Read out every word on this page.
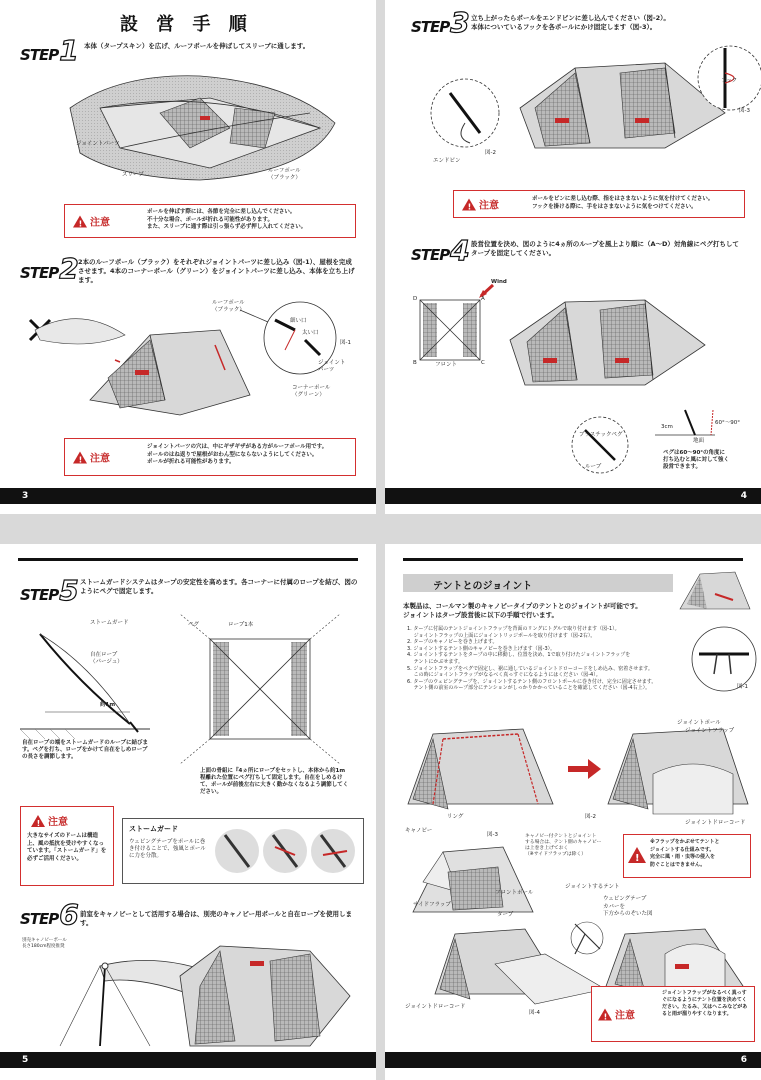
設 営 手 順
STEP1 本体（タープスキン）を広げ、ルーフポールを伸ばしてスリーブに通します。
ジョイントパーツ
スリーブ
ルーフポール
（ブラック）
! 注意
ポールを伸ばす際には、各節を完全に差し込んでください。
不十分な場合、ポールが折れる可能性があります。
また、スリーブに通す際は引っ張らず必ず押し入れてください。
STEP2 2本のルーフポール（ブラック）をそれぞれジョイントパーツに差し込み（図-1）、屋根を完成させます。4本のコーナーポール（グリーン）をジョイントパーツに差し込み、本体を立ち上げます。
ルーフポール
（ブラック）
細い口
太い口
図-1
ジョイント
パーツ
コーナーポール
（グリーン）
! 注意
ジョイントパーツの穴は、中にギザギザがある方がルーフポール用です。
ポールのはね返りで屋根がおわん型にならないようにしてください。
ポールが折れる可能性があります。
3
STEP3 立ち上がったらポールをエンドピンに差し込んでください（図-2）。
本体についているフックを各ポールにかけ固定します（図-3）。
フック
図-3
図-2
エンドピン
! 注意
ポールをピンに差し込む際、指をはさまないように気を付けてください。
フックを掛ける際に、手をはさまないように気をつけてください。
STEP4 設営位置を決め、図のように4ヵ所のループを風上より順に（A〜D）対角線にペグ打ちしてタープを固定してください。
Wind
D	A
B	C
フロント
プラスチックペグ
ループ
60°〜90°
3cm
地面
ペグは60〜90°の角度に
打ち込むと風に対して強く
設営できます。
4
STEP5 ストームガードシステムはタープの安定性を高めます。各コーナーに付属のロープを結び、図のようにペグで固定します。
ストームガード
自在ロープ
（パージュ）
約1m
ペグ	ロープ1本
自在ロープの端をストームガードのループに結びます。ペグを打ち、ロープをかけて自在をしめロープの長さを調節します。
上面の骨組に『4ヵ所にロープをセットし、本体から約1m程離れた位置にペグ打ちして固定します。自在をしめるけて、ポールが前後左右に大きく動かなくなるよう調節してください。
! 注意
大きなサイズのドームは構造上、風の抵抗を受けやすくなっています。「ストームガード」を必ずご活用ください。
ストームガード
ウェビングテープをポールに巻き付けることで、強風とポールに力を分散。
STEP6 前室をキャノピーとして活用する場合は、別売のキャノピー用ポールと自在ロープを使用します。
別売キャノピーポール
長さ180cm程度推奨
5
テントとのジョイント
本製品は、コールマン製のキャノピータイプのテントとのジョイントが可能です。
ジョイントはタープ設営後に以下の手順で行います。
1. タープに付属のテントジョイントフラップを背面のリングにトグルで取り付けます（図-1）。
　 ジョイントフラップの上面にジョイントリッジポールを取り付けます（図-2右）。
2. タープのキャノピーを巻き上げます。
3. ジョイントするテント側のキャノピーを巻き上げます（図-3）。
4. ジョイントするテントをタープの中に移動し、位置を決め、1で取り付けたジョイントフラップを
　 テントにかぶせます。
5. ジョイントフラップをペグで固定し、裾に通しているジョイントドローコードをしめ込み、密着させます。
　 この時にジョイントフラップがなるべく真っすぐになるようにはください（図-4）。
6. タープのウェビングテープを、ジョイントするテント側のフロントポールに巻き付け、完全に固定させます。
　 テント側の前室のループ部分にテンションがしっかりかかっていることを確認してください（図-4右上）。	図-1
ジョイントポール
ジョイントフラップ
リング	図-2
ジョイントドローコード
キャノピー
図-3	キャノピー付テントとジョイント
する場合は、テント側のキャノピー
は上巻き上げておく
（※サイドフラップは除く）	!
※フラップをかぶせてテントと
ジョイントする仕組みです。
完全に風・雨・虫等の侵入を
防ぐことはできません。
ジョイントするテント
フロントポール
ウェビングテープ
カバーを
下方からのぞいた図
サイドフラップ
タープ
ジョイントドローコード
図-4	! 注意
ジョイントフラップがなるべく真っすぐになるようにテント位置を決めてください。たるみ、又はへこみなどがあると雨が溜りやすくなります。
6
